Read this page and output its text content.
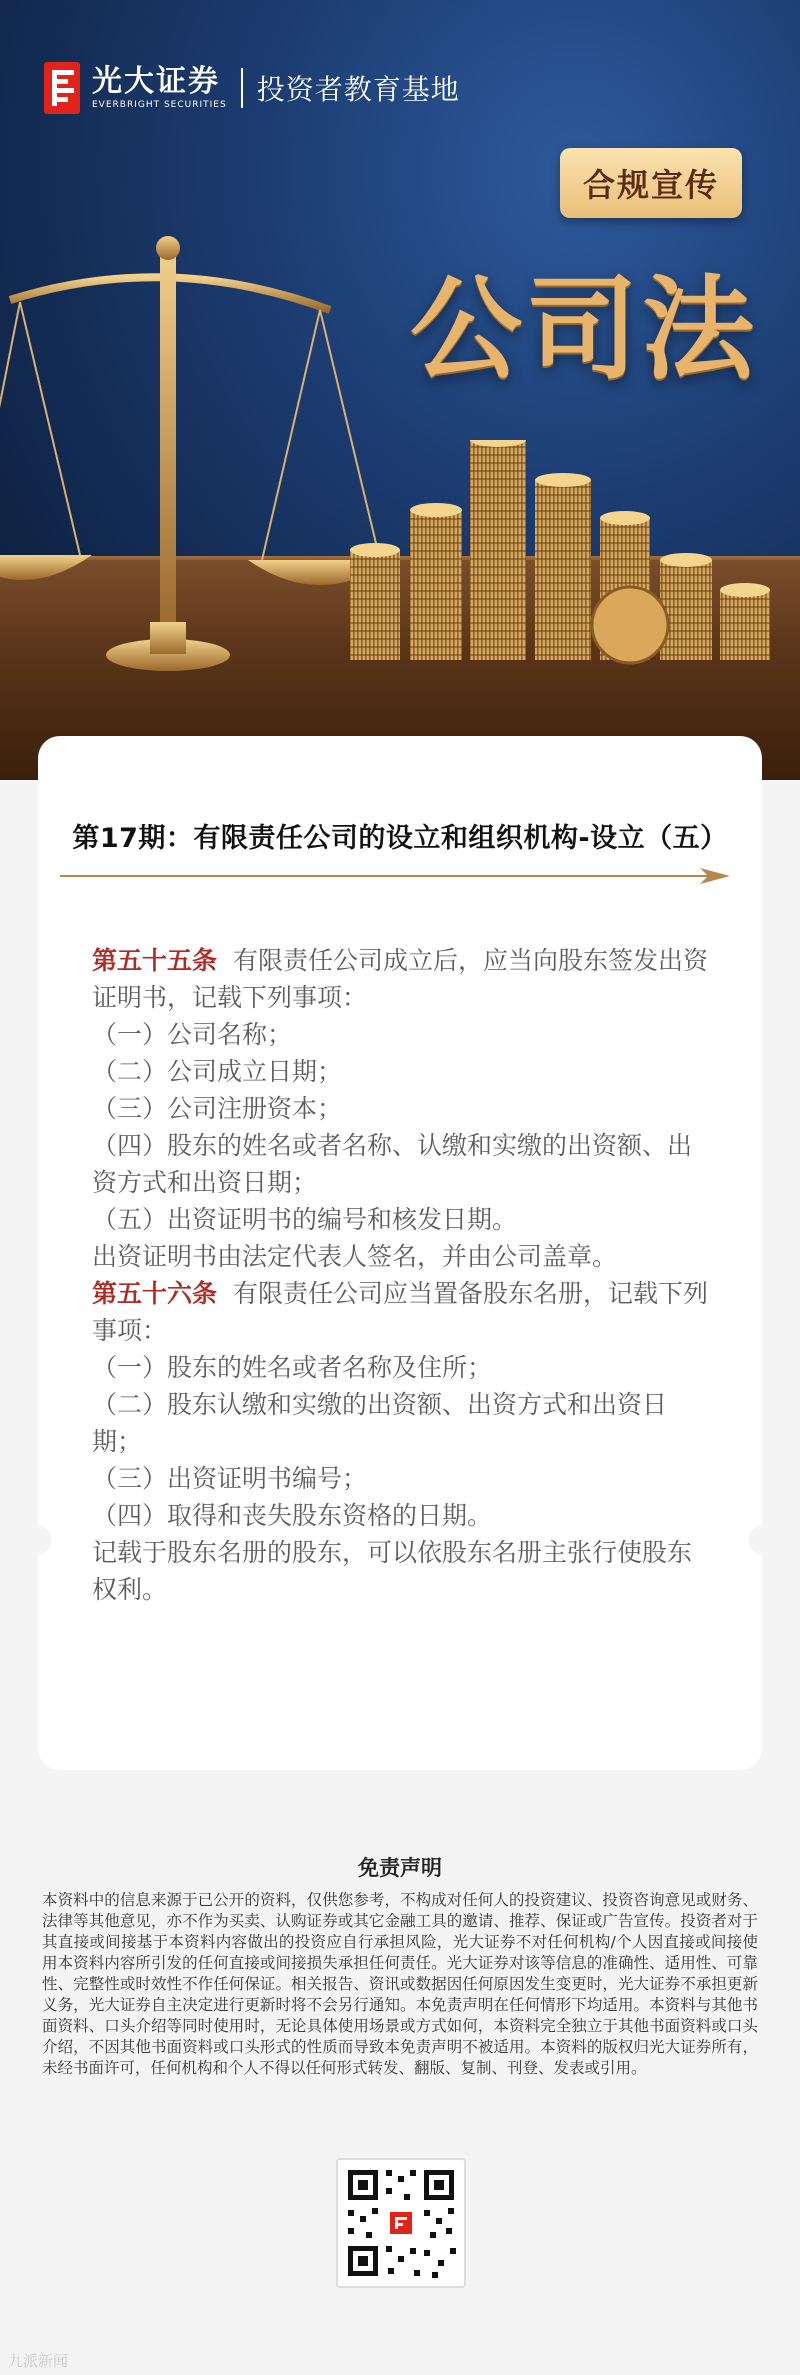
光大证券
EVERBRIGHT SECURITIES 投资者教育基地
合规宣传
公司法
第17期：有限责任公司的设立和组织机构-设立（五）

第五十五条 有限责任公司成立后，应当向股东签发出资证明书，记载下列事项：

（一）公司名称；

（二）公司成立日期；

（三）公司注册资本；

（四）股东的姓名或者名称、认缴和实缴的出资额、出资方式和出资日期；

（五）出资证明书的编号和核发日期。

出资证明书由法定代表人签名，并由公司盖章。

第五十六条 有限责任公司应当置备股东名册，记载下列事项：

（一）股东的姓名或者名称及住所；

（二）股东认缴和实缴的出资额、出资方式和出资日期；

（三）出资证明书编号；

（四）取得和丧失股东资格的日期。

记载于股东名册的股东，可以依股东名册主张行使股东权利。

免责声明
本资料中的信息来源于已公开的资料，仅供您参考，不构成对任何人的投资建议、投资咨询意见或财务、法律等其他意见，亦不作为买卖、认购证券或其它金融工具的邀请、推荐、保证或广告宣传。投资者对于其直接或间接基于本资料内容做出的投资应自行承担风险，光大证券不对任何机构/个人因直接或间接使用本资料内容所引发的任何直接或间接损失承担任何责任。光大证券对该等信息的准确性、适用性、可靠性、完整性或时效性不作任何保证。相关报告、资讯或数据因任何原因发生变更时，光大证券不承担更新义务，光大证券自主决定进行更新时将不会另行通知。本免责声明在任何情形下均适用。本资料与其他书面资料、口头介绍等同时使用时，无论具体使用场景或方式如何，本资料完全独立于其他书面资料或口头介绍，不因其他书面资料或口头形式的性质而导致本免责声明不被适用。本资料的版权归光大证券所有，未经书面许可，任何机构和个人不得以任何形式转发、翻版、复制、刊登、发表或引用。
九派新闻
